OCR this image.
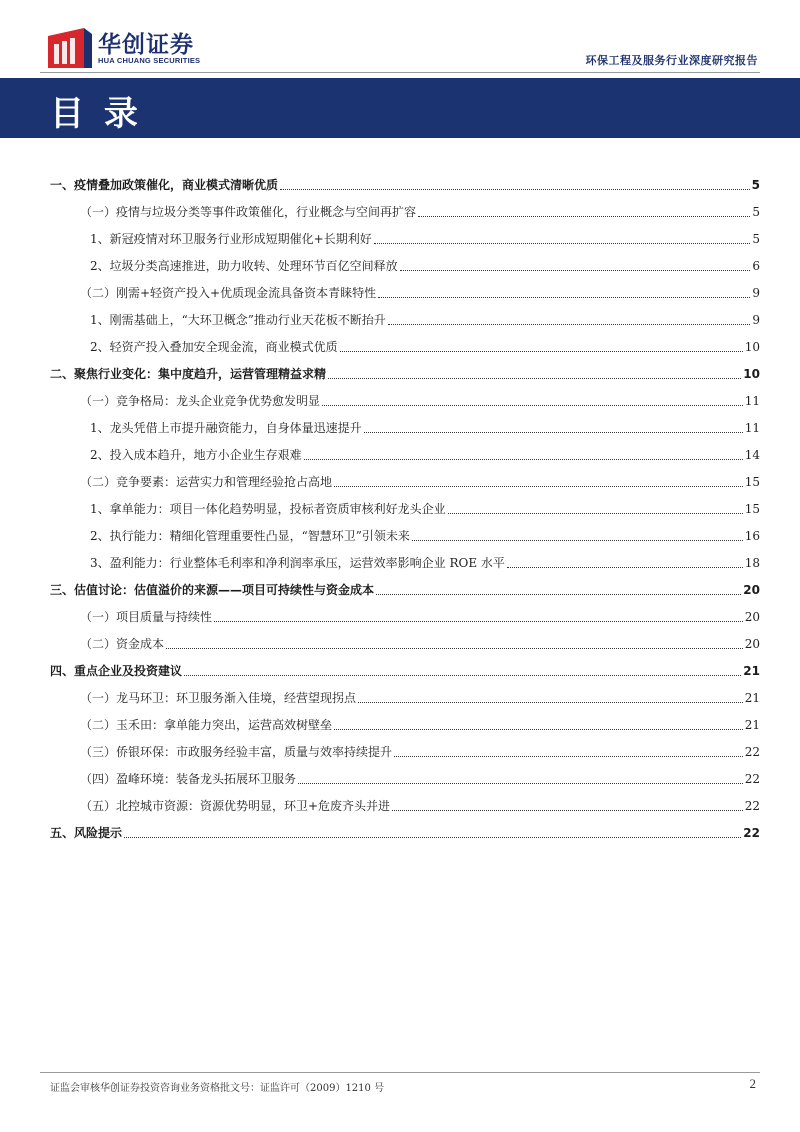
华创证券
HUA CHUANG SECURITIES	环保工程及服务行业深度研究报告
目 录
一、疫情叠加政策催化，商业模式清晰优质	5
（一）疫情与垃圾分类等事件政策催化，行业概念与空间再扩容	5
1、新冠疫情对环卫服务行业形成短期催化+长期利好	5
2、垃圾分类高速推进，助力收转、处理环节百亿空间释放	6
（二）刚需+轻资产投入+优质现金流具备资本青睐特性	9
1、刚需基础上，“大环卫概念”推动行业天花板不断抬升	9
2、轻资产投入叠加安全现金流，商业模式优质	10
二、聚焦行业变化：集中度趋升，运营管理精益求精	10
（一）竞争格局：龙头企业竞争优势愈发明显	11
1、龙头凭借上市提升融资能力，自身体量迅速提升	11
2、投入成本趋升，地方小企业生存艰难	14
（二）竞争要素：运营实力和管理经验抢占高地	15
1、拿单能力：项目一体化趋势明显，投标者资质审核利好龙头企业	15
2、执行能力：精细化管理重要性凸显，“智慧环卫”引领未来	16
3、盈利能力：行业整体毛利率和净利润率承压，运营效率影响企业 ROE 水平	18
三、估值讨论：估值溢价的来源——项目可持续性与资金成本	20
（一）项目质量与持续性	20
（二）资金成本	20
四、重点企业及投资建议	21
（一）龙马环卫：环卫服务渐入佳境，经营望现拐点	21
（二）玉禾田：拿单能力突出，运营高效树壁垒	21
（三）侨银环保：市政服务经验丰富，质量与效率持续提升	22
（四）盈峰环境：装备龙头拓展环卫服务	22
（五）北控城市资源：资源优势明显，环卫+危废齐头并进	22
五、风险提示	22
证监会审核华创证券投资咨询业务资格批文号：证监许可（2009）1210 号	2
